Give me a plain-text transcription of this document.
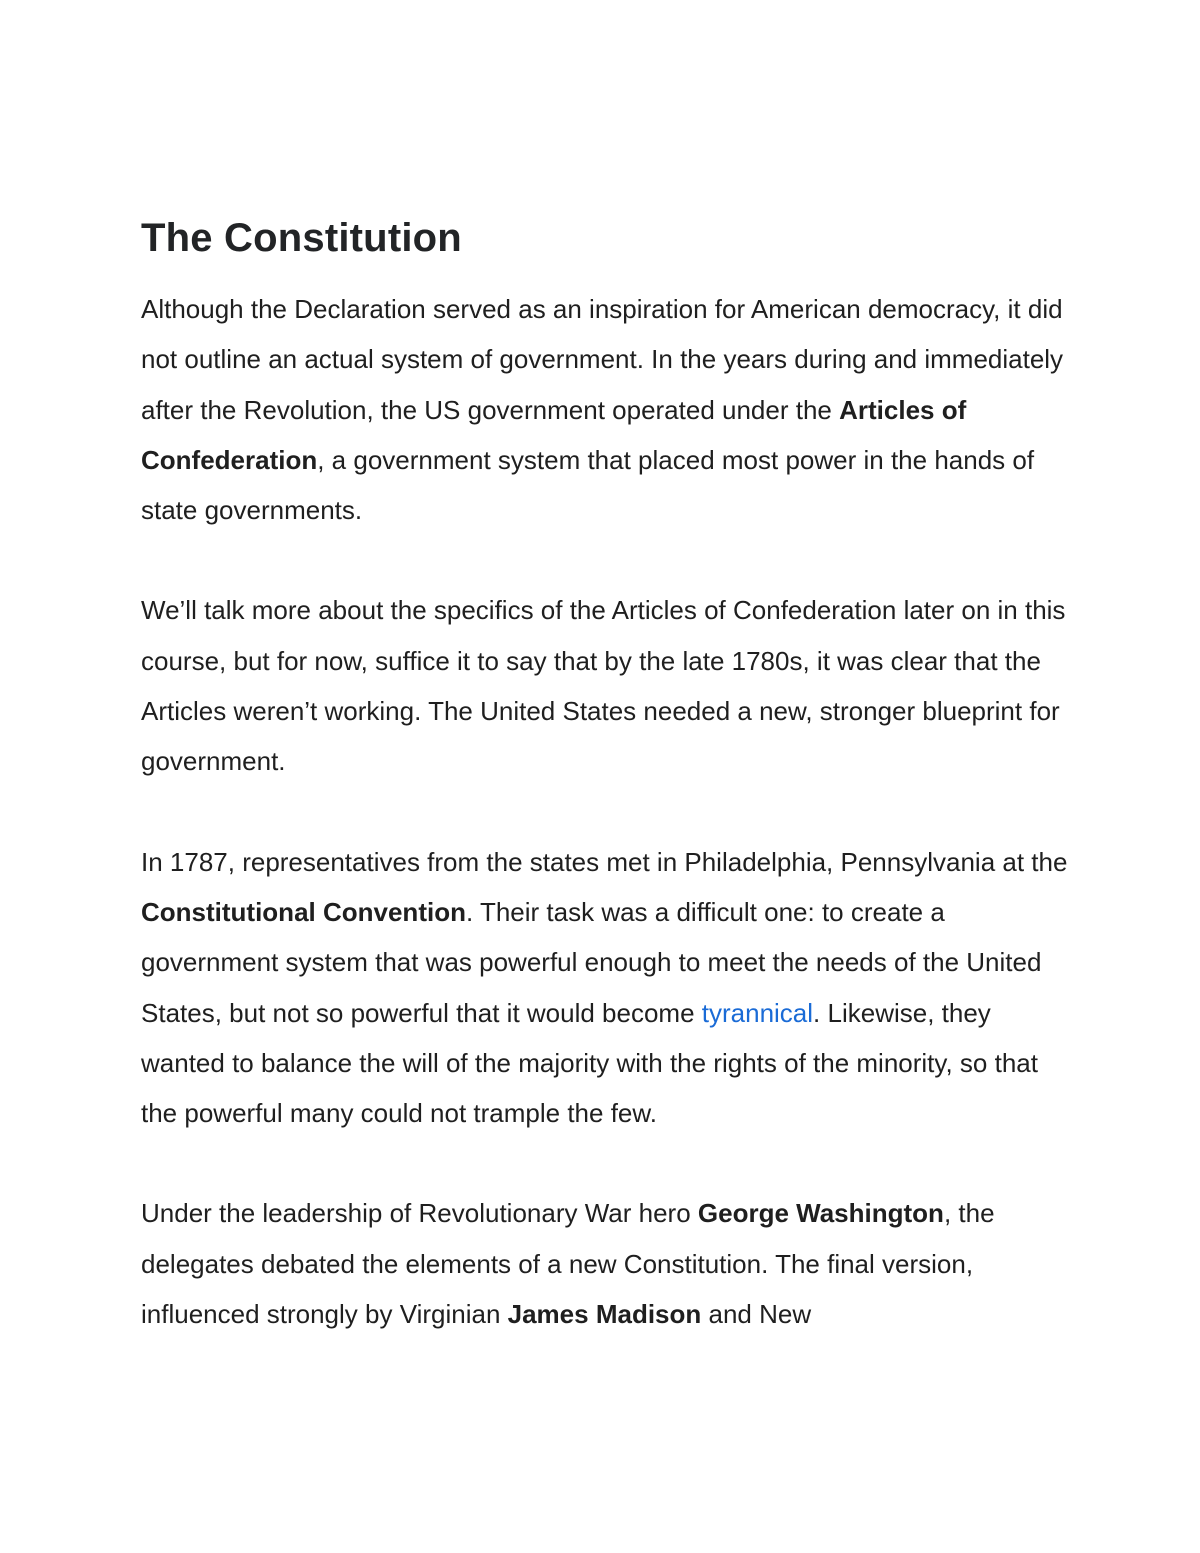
The Constitution

Although the Declaration served as an inspiration for American democracy, it did not outline an actual system of government. In the years during and immediately after the Revolution, the US government operated under the Articles of Confederation, a government system that placed most power in the hands of state governments.

We’ll talk more about the specifics of the Articles of Confederation later on in this course, but for now, suffice it to say that by the late 1780s, it was clear that the Articles weren’t working. The United States needed a new, stronger blueprint for government.

In 1787, representatives from the states met in Philadelphia, Pennsylvania at the Constitutional Convention. Their task was a difficult one: to create a government system that was powerful enough to meet the needs of the United States, but not so powerful that it would become tyrannical. Likewise, they wanted to balance the will of the majority with the rights of the minority, so that the powerful many could not trample the few.

Under the leadership of Revolutionary War hero George Washington, the delegates debated the elements of a new Constitution. The final version, influenced strongly by Virginian James Madison and New
